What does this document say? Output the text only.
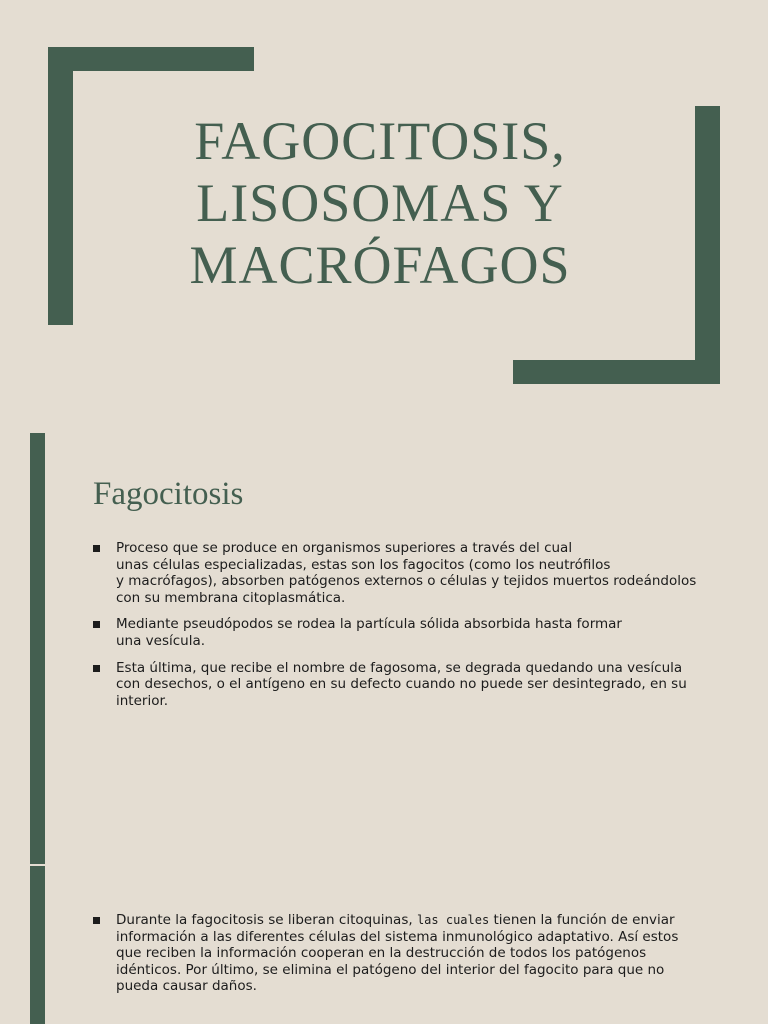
FAGOCITOSIS,
LISOSOMAS Y
MACRÓFAGOS
Fagocitosis
Proceso que se produce en organismos superiores a través del cual
unas células especializadas, estas son los fagocitos (como los neutrófilos
y macrófagos), absorben patógenos externos o células y tejidos muertos rodeándolos
con su membrana citoplasmática.
Mediante pseudópodos se rodea la partícula sólida absorbida hasta formar
una vesícula.
Esta última, que recibe el nombre de fagosoma, se degrada quedando una vesícula
con desechos, o el antígeno en su defecto cuando no puede ser desintegrado, en su
interior.
Durante la fagocitosis se liberan citoquinas, las cuales tienen la función de enviar
información a las diferentes células del sistema inmunológico adaptativo. Así estos
que reciben la información cooperan en la destrucción de todos los patógenos
idénticos. Por último, se elimina el patógeno del interior del fagocito para que no
pueda causar daños.
